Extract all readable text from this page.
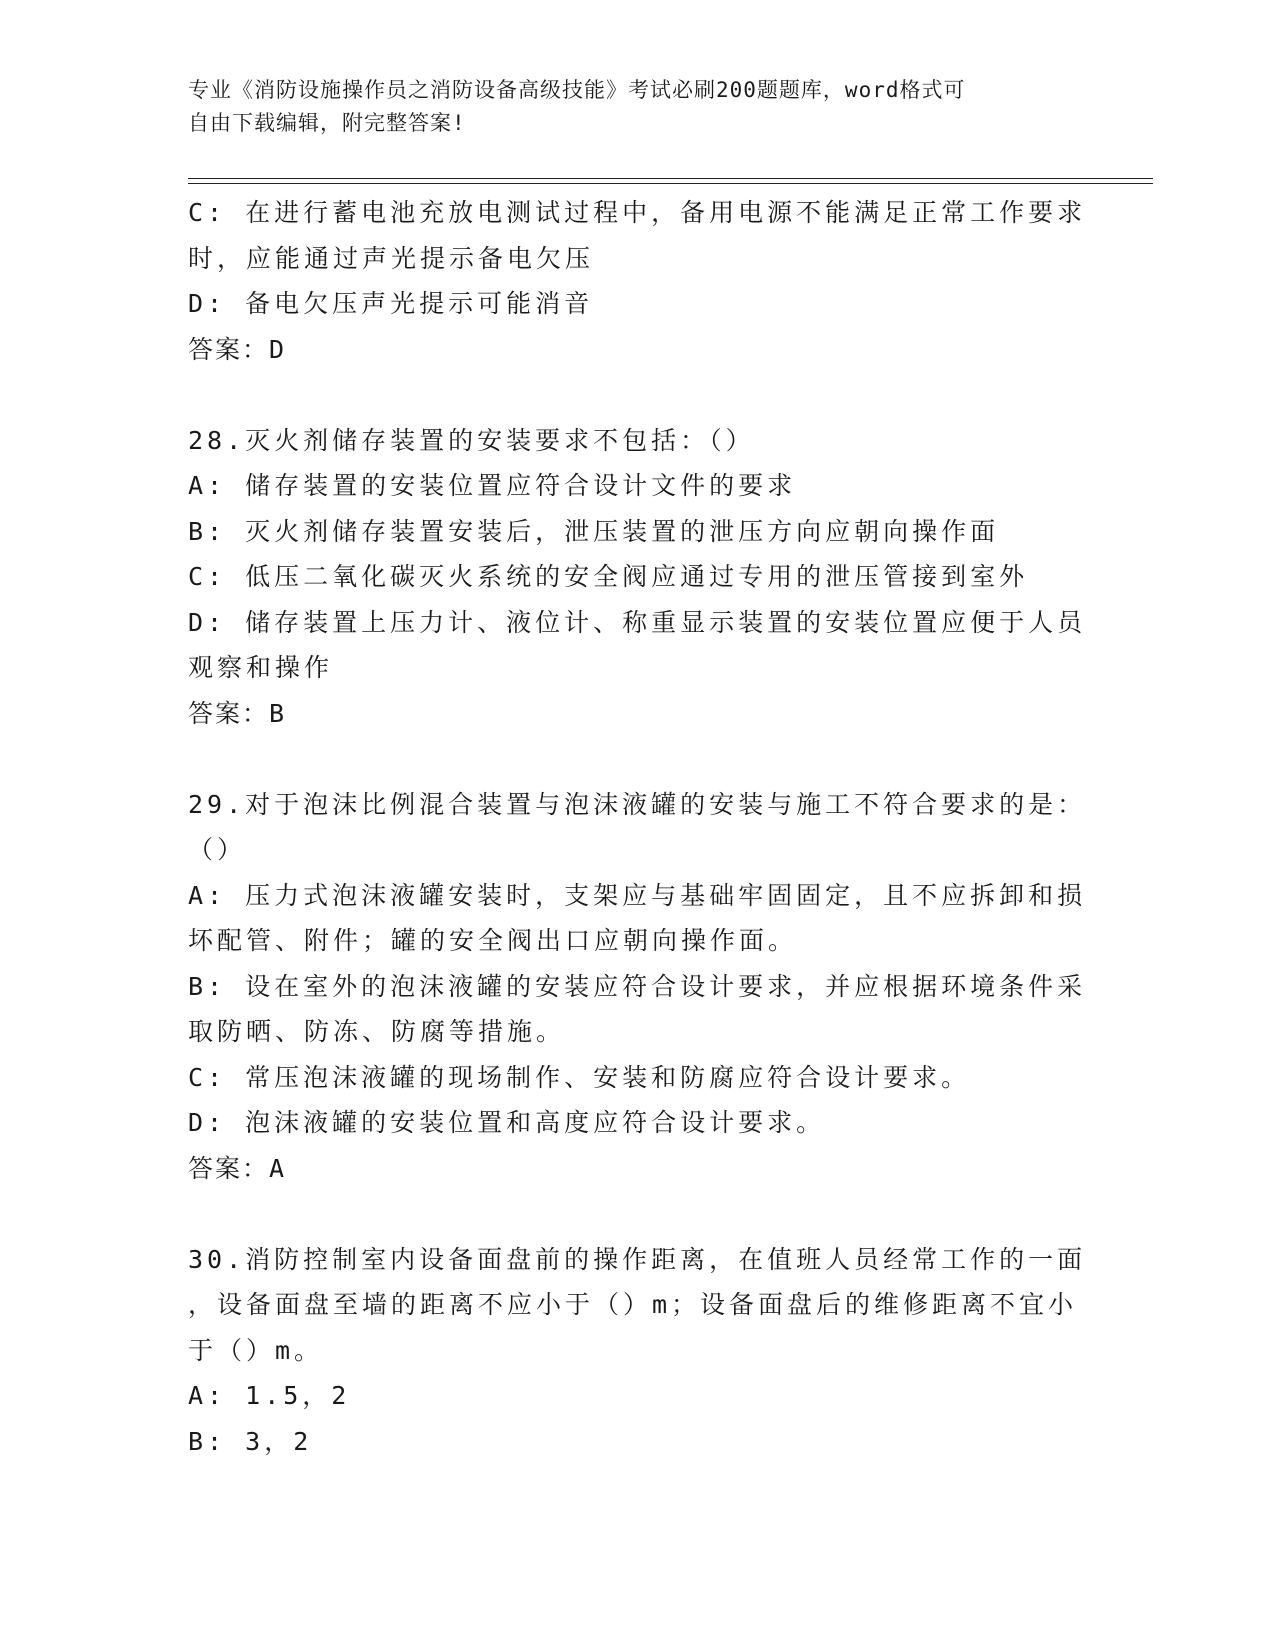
专业《消防设施操作员之消防设备高级技能》考试必刷200题题库，word格式可
自由下载编辑，附完整答案!
C: 在进行蓄电池充放电测试过程中，备用电源不能满足正常工作要求
时，应能通过声光提示备电欠压
D: 备电欠压声光提示可能消音
答案：D
28.灭火剂储存装置的安装要求不包括：（）
A: 储存装置的安装位置应符合设计文件的要求
B: 灭火剂储存装置安装后，泄压装置的泄压方向应朝向操作面
C: 低压二氧化碳灭火系统的安全阀应通过专用的泄压管接到室外
D: 储存装置上压力计、液位计、称重显示装置的安装位置应便于人员
观察和操作
答案：B
29.对于泡沫比例混合装置与泡沫液罐的安装与施工不符合要求的是：
（）
A: 压力式泡沫液罐安装时，支架应与基础牢固固定，且不应拆卸和损
坏配管、附件；罐的安全阀出口应朝向操作面。
B: 设在室外的泡沫液罐的安装应符合设计要求，并应根据环境条件采
取防晒、防冻、防腐等措施。
C: 常压泡沫液罐的现场制作、安装和防腐应符合设计要求。
D: 泡沫液罐的安装位置和高度应符合设计要求。
答案：A
30.消防控制室内设备面盘前的操作距离，在值班人员经常工作的一面
，设备面盘至墙的距离不应小于（）m；设备面盘后的维修距离不宜小
于（）m。
A: 1.5，2
B: 3，2
